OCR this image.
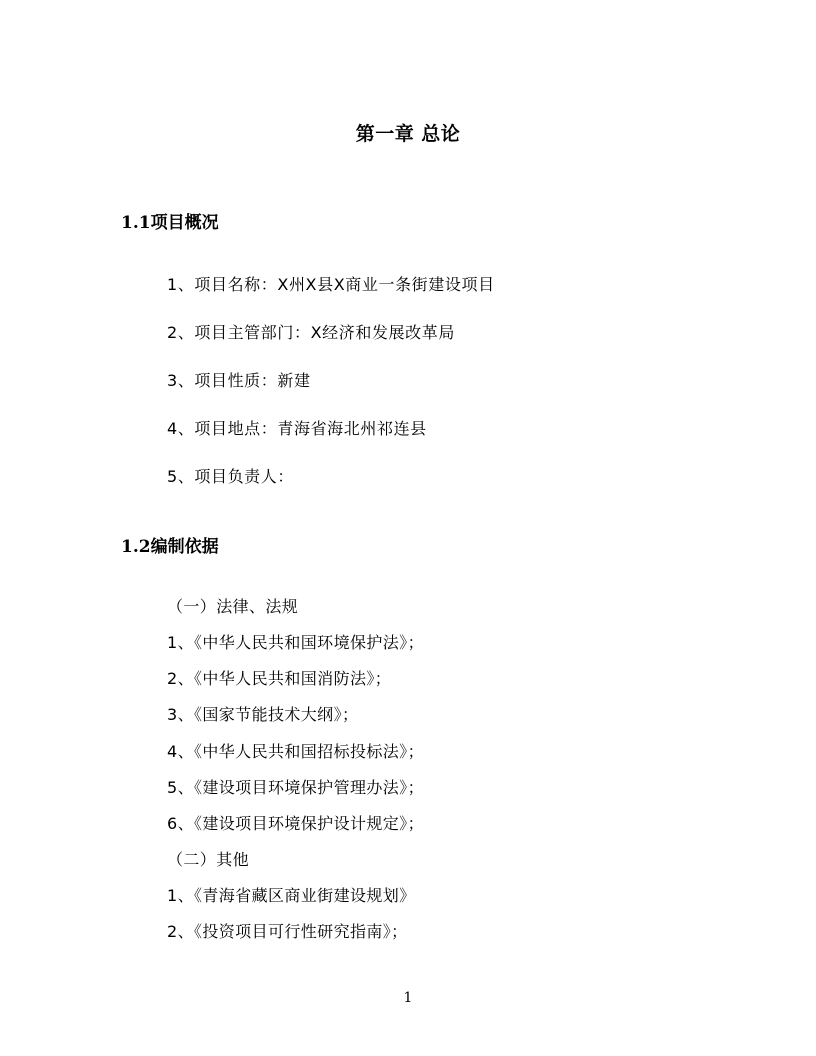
第一章 总论
1.1项目概况
1、项目名称：X州X县X商业一条街建设项目
2、项目主管部门：X经济和发展改革局
3、项目性质：新建
4、项目地点：青海省海北州祁连县
5、项目负责人：
1.2编制依据
（一）法律、法规
1、《中华人民共和国环境保护法》；
2、《中华人民共和国消防法》；
3、《国家节能技术大纲》；
4、《中华人民共和国招标投标法》；
5、《建设项目环境保护管理办法》；
6、《建设项目环境保护设计规定》；
（二）其他
1、《青海省藏区商业街建设规划》
2、《投资项目可行性研究指南》；
1
